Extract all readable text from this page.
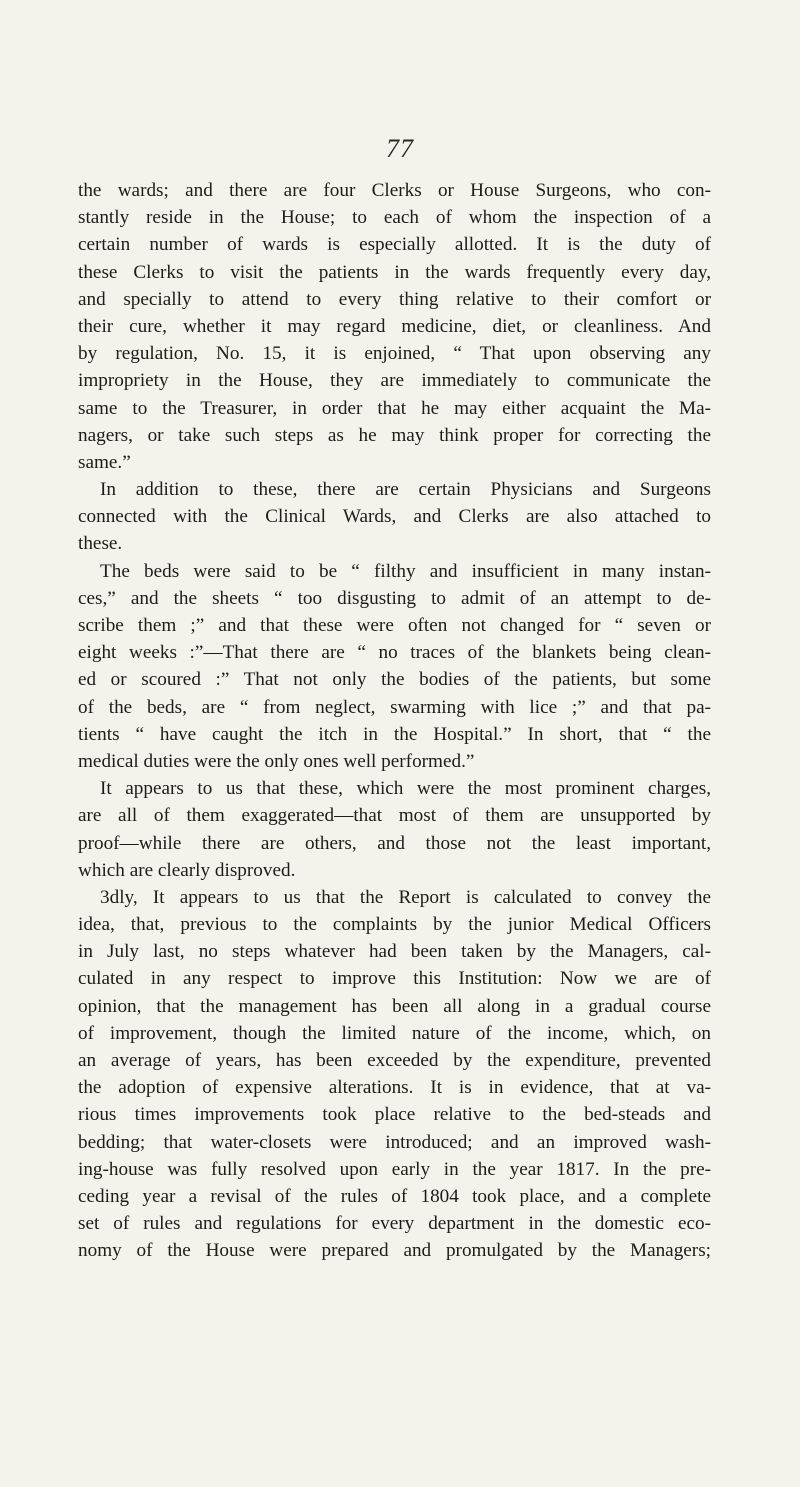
77
the wards; and there are four Clerks or House Surgeons, who con-
stantly reside in the House; to each of whom the inspection of a
certain number of wards is especially allotted. It is the duty of
these Clerks to visit the patients in the wards frequently every day,
and specially to attend to every thing relative to their comfort or
their cure, whether it may regard medicine, diet, or cleanliness. And
by regulation, No. 15, it is enjoined, “ That upon observing any
impropriety in the House, they are immediately to communicate the
same to the Treasurer, in order that he may either acquaint the Ma-
nagers, or take such steps as he may think proper for correcting the
same.”
In addition to these, there are certain Physicians and Surgeons
connected with the Clinical Wards, and Clerks are also attached to
these.
The beds were said to be “ filthy and insufficient in many instan-
ces,” and the sheets “ too disgusting to admit of an attempt to de-
scribe them ;” and that these were often not changed for “ seven or
eight weeks :”—That there are “ no traces of the blankets being clean-
ed or scoured :” That not only the bodies of the patients, but some
of the beds, are “ from neglect, swarming with lice ;” and that pa-
tients “ have caught the itch in the Hospital.” In short, that “ the
medical duties were the only ones well performed.”
It appears to us that these, which were the most prominent charges,
are all of them exaggerated—that most of them are unsupported by
proof—while there are others, and those not the least important,
which are clearly disproved.
3dly, It appears to us that the Report is calculated to convey the
idea, that, previous to the complaints by the junior Medical Officers
in July last, no steps whatever had been taken by the Managers, cal-
culated in any respect to improve this Institution: Now we are of
opinion, that the management has been all along in a gradual course
of improvement, though the limited nature of the income, which, on
an average of years, has been exceeded by the expenditure, prevented
the adoption of expensive alterations. It is in evidence, that at va-
rious times improvements took place relative to the bed-steads and
bedding; that water-closets were introduced; and an improved wash-
ing-house was fully resolved upon early in the year 1817. In the pre-
ceding year a revisal of the rules of 1804 took place, and a complete
set of rules and regulations for every department in the domestic eco-
nomy of the House were prepared and promulgated by the Managers;
